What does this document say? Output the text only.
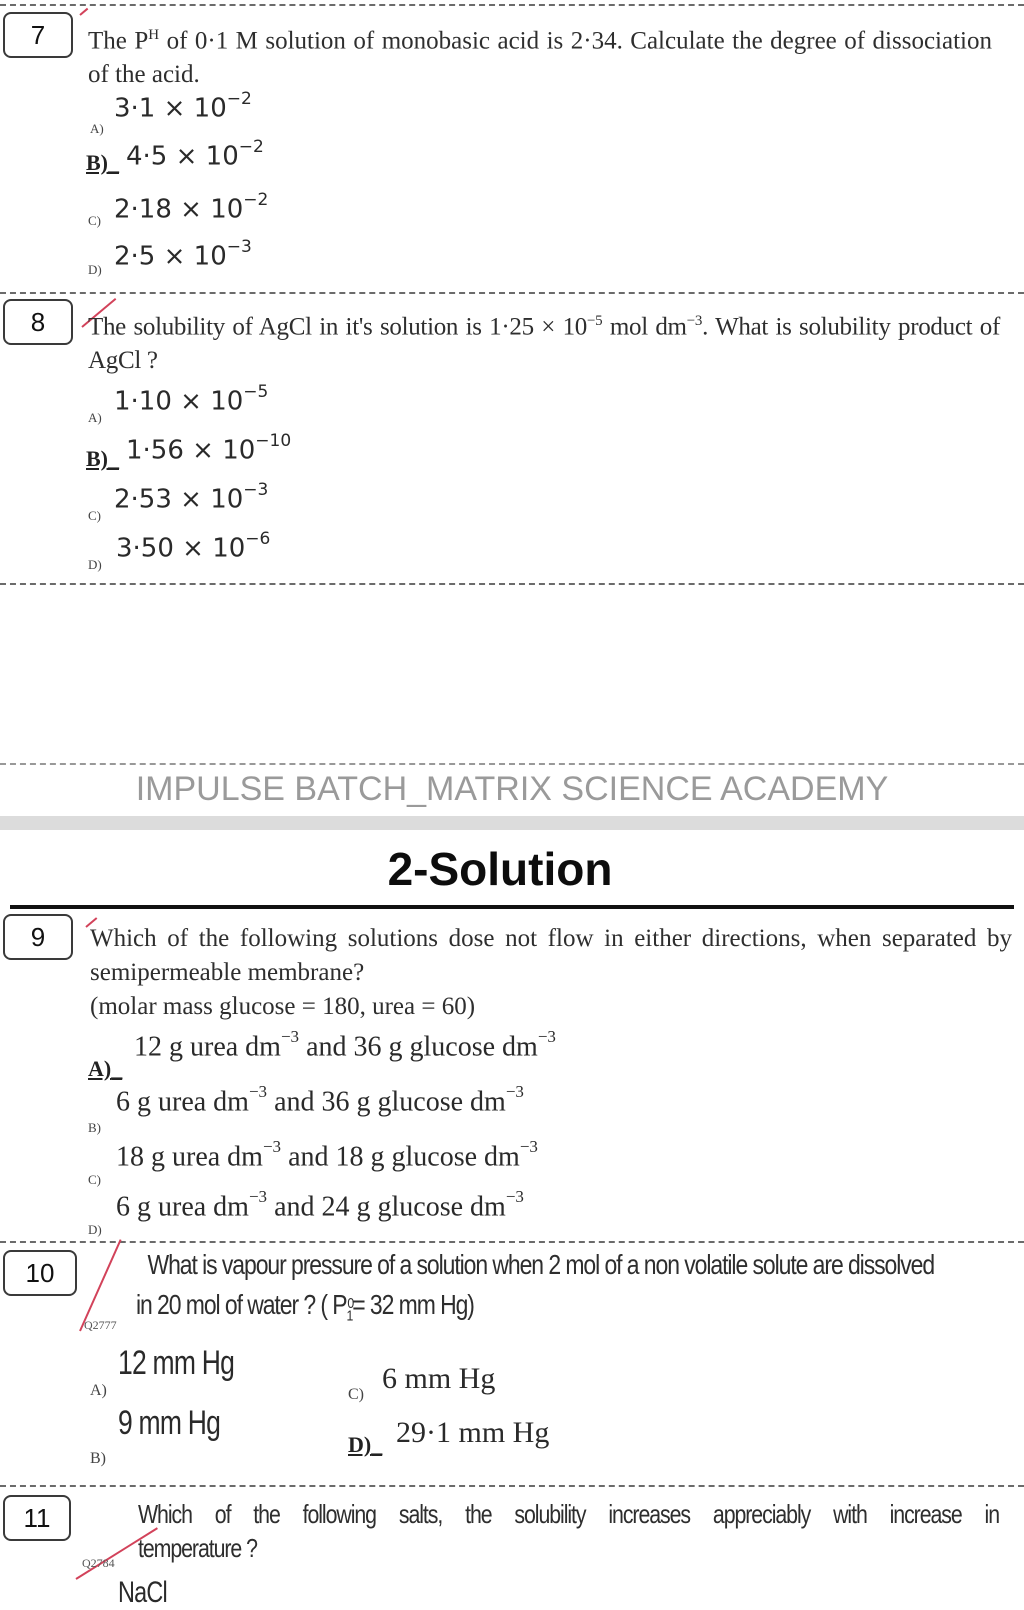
7 The $P^H$ of 0·1 M solution of monobasic acid is 2·34. Calculate the degree of dissociation of the acid.
A)
$3\cdot 1 \times 10^{-2}$
B) _ $4\cdot 5 \times 10^{-2}$
C) $2\cdot 18 \times 10^{-2}$
D) $2\cdot 5 \times 10^{-3}$
8 The solubility of AgCl in it's solution is $1\cdot 25 \times 10^{-5}$ mol $dm^{-3}$. What is solubility product of AgCl ?
A)
$1\cdot 10 \times 10^{-5}$
B) _ $1\cdot 56 \times 10^{-10}$
C)
$2\cdot 53 \times 10^{-3}$
D)
$3\cdot 50 \times 10^{-6}$
IMPULSE BATCH_MATRIX SCIENCE ACADEMY
2-Solution
9 Which of the following solutions dose not flow in either directions, when separated by semipermeable membrane?
(molar mass glucose = 180, urea = 60)
A) _
12 g urea $dm^{-3}$ and 36 g glucose $dm^{-3}$
B)
6 g urea $dm^{-3}$ and 36 g glucose $dm^{-3}$
C)
18 g urea $dm^{-3}$ and 18 g glucose $dm^{-3}$
D)
6 g urea $dm^{-3}$ and 24 g glucose $dm^{-3}$
10
Q2777
What is vapour pressure of a solution when 2 mol of a non volatile solute are dissolved
in 20 mol of water ? ( P 0
$_1$= 32 mm Hg)
A)
12 mm Hg
B)
9 mm Hg
C) 6 mm Hg
D) _ 29·1 mm Hg
11
Q2784
Which of the following salts, the solubility increases appreciably with increase in
temperature ?
NaCl
